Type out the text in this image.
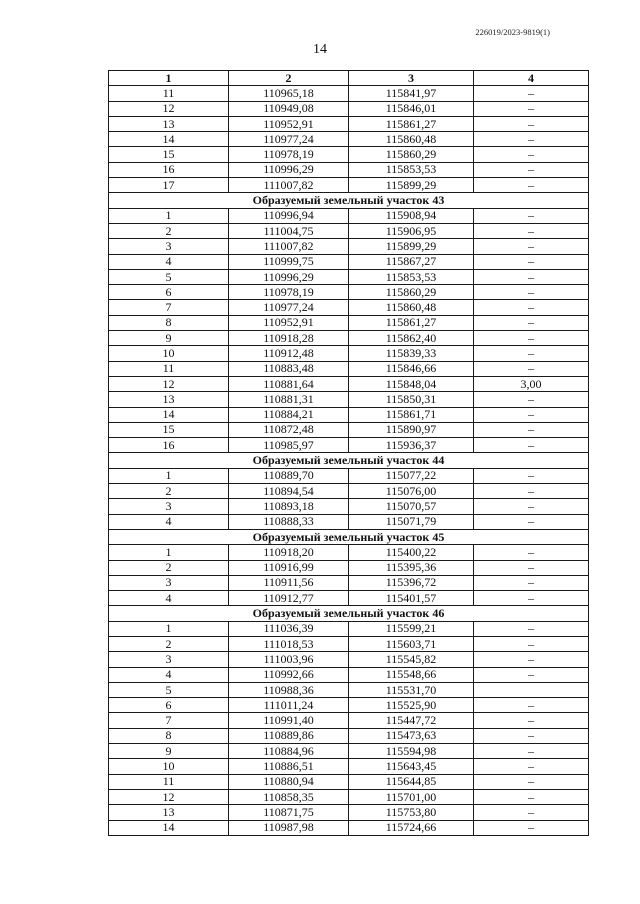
226019/2023-9819(1)
14
1	2	3	4
11	110965,18	115841,97	–
12	110949,08	115846,01	–
13	110952,91	115861,27	–
14	110977,24	115860,48	–
15	110978,19	115860,29	–
16	110996,29	115853,53	–
17	111007,82	115899,29	–
Образуемый земельный участок 43			
1	110996,94	115908,94	–
2	111004,75	115906,95	–
3	111007,82	115899,29	–
4	110999,75	115867,27	–
5	110996,29	115853,53	–
6	110978,19	115860,29	–
7	110977,24	115860,48	–
8	110952,91	115861,27	–
9	110918,28	115862,40	–
10	110912,48	115839,33	–
11	110883,48	115846,66	–
12	110881,64	115848,04	3,00
13	110881,31	115850,31	–
14	110884,21	115861,71	–
15	110872,48	115890,97	–
16	110985,97	115936,37	–
Образуемый земельный участок 44			
1	110889,70	115077,22	–
2	110894,54	115076,00	–
3	110893,18	115070,57	–
4	110888,33	115071,79	–
Образуемый земельный участок 45			
1	110918,20	115400,22	–
2	110916,99	115395,36	–
3	110911,56	115396,72	–
4	110912,77	115401,57	–
Образуемый земельный участок 46			
1	111036,39	115599,21	–
2	111018,53	115603,71	–
3	111003,96	115545,82	–
4	110992,66	115548,66	–
5	110988,36	115531,70	
6	111011,24	115525,90	–
7	110991,40	115447,72	–
8	110889,86	115473,63	–
9	110884,96	115594,98	–
10	110886,51	115643,45	–
11	110880,94	115644,85	–
12	110858,35	115701,00	–
13	110871,75	115753,80	–
14	110987,98	115724,66	–
